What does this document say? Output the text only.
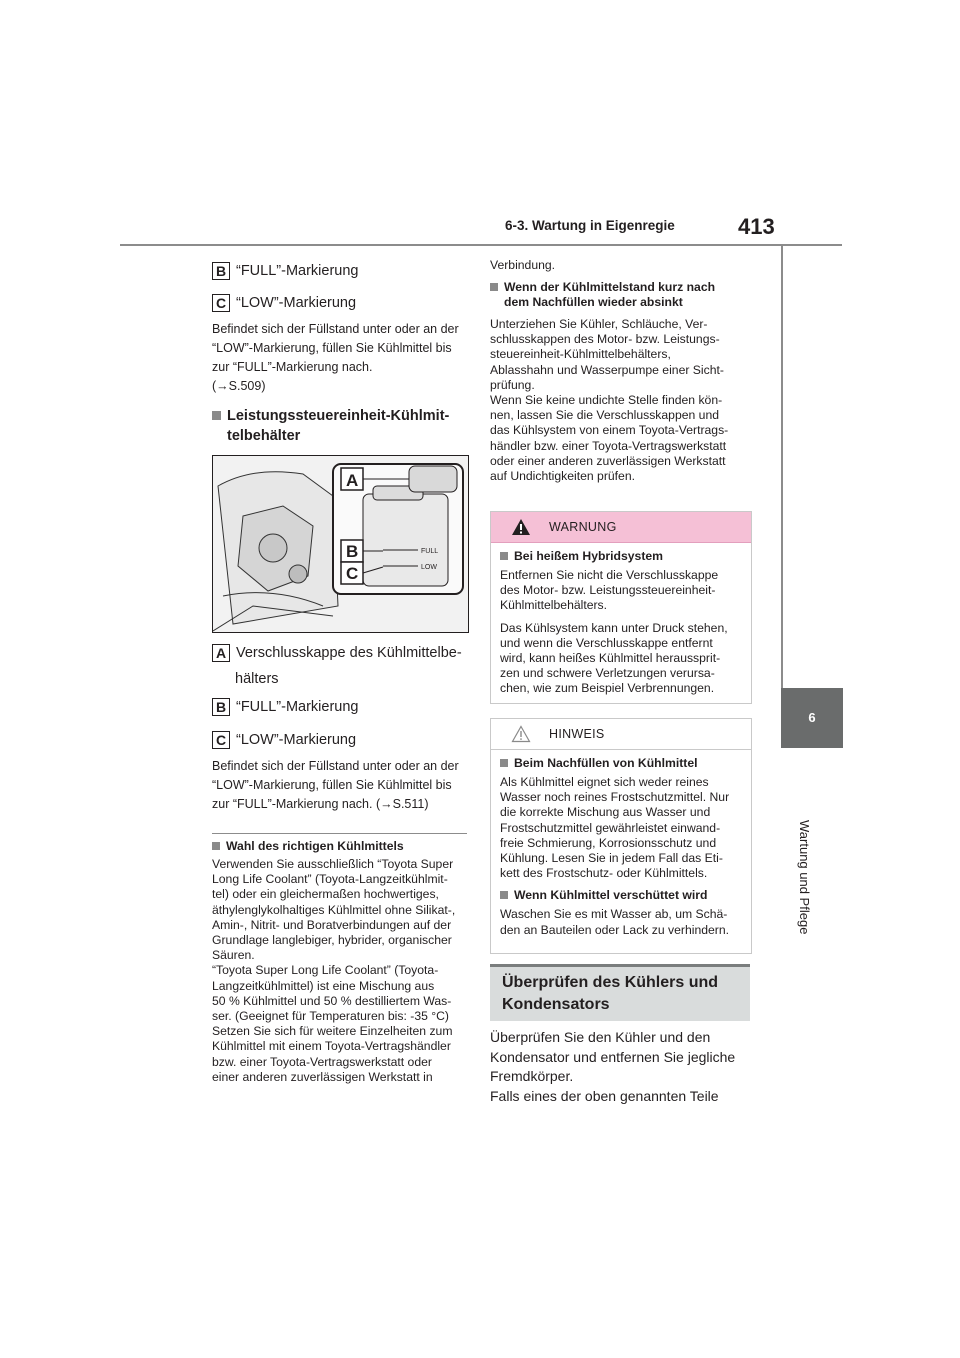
6-3. Wartung in Eigenregie	413
6
Wartung und Pflege
B “FULL”-Markierung
C “LOW”-Markierung
Befindet sich der Füllstand unter oder an der
“LOW”-Markierung, füllen Sie Kühlmittel bis
zur “FULL”-Markierung nach.
(→S.509)
Leistungssteuereinheit-Kühlmit-
telbehälter
FULL
LOW
A
B
C
A Verschlusskappe des Kühlmittelbe-
hälters
B “FULL”-Markierung
C “LOW”-Markierung
Befindet sich der Füllstand unter oder an der
“LOW”-Markierung, füllen Sie Kühlmittel bis
zur “FULL”-Markierung nach. (→S.511)
Wahl des richtigen Kühlmittels
Verwenden Sie ausschließlich “Toyota Super
Long Life Coolant” (Toyota-Langzeitkühlmit-
tel) oder ein gleichermaßen hochwertiges,
äthylenglykolhaltiges Kühlmittel ohne Silikat-,
Amin-, Nitrit- und Boratverbindungen auf der
Grundlage langlebiger, hybrider, organischer
Säuren.
“Toyota Super Long Life Coolant” (Toyota-
Langzeitkühlmittel) ist eine Mischung aus
50 % Kühlmittel und 50 % destilliertem Was-
ser. (Geeignet für Temperaturen bis: -35 °C)
Setzen Sie sich für weitere Einzelheiten zum
Kühlmittel mit einem Toyota-Vertragshändler
bzw. einer Toyota-Vertragswerkstatt oder
einer anderen zuverlässigen Werkstatt in
Verbindung.
Wenn der Kühlmittelstand kurz nach
dem Nachfüllen wieder absinkt
Unterziehen Sie Kühler, Schläuche, Ver-
schlusskappen des Motor- bzw. Leistungs-
steuereinheit-Kühlmittelbehälters,
Ablasshahn und Wasserpumpe einer Sicht-
prüfung.
Wenn Sie keine undichte Stelle finden kön-
nen, lassen Sie die Verschlusskappen und
das Kühlsystem von einem Toyota-Vertrags-
händler bzw. einer Toyota-Vertragswerkstatt
oder einer anderen zuverlässigen Werkstatt
auf Undichtigkeiten prüfen.
WARNUNG
Bei heißem Hybridsystem

Entfernen Sie nicht die Verschlusskappe
des Motor- bzw. Leistungssteuereinheit-
Kühlmittelbehälters.

Das Kühlsystem kann unter Druck stehen,
und wenn die Verschlusskappe entfernt
wird, kann heißes Kühlmittel heraussprit-
zen und schwere Verletzungen verursa-
chen, wie zum Beispiel Verbrennungen.

HINWEIS
Beim Nachfüllen von Kühlmittel

Als Kühlmittel eignet sich weder reines
Wasser noch reines Frostschutzmittel. Nur
die korrekte Mischung aus Wasser und
Frostschutzmittel gewährleistet einwand-
freie Schmierung, Korrosionsschutz und
Kühlung. Lesen Sie in jedem Fall das Eti-
kett des Frostschutz- oder Kühlmittels.

Wenn Kühlmittel verschüttet wird

Waschen Sie es mit Wasser ab, um Schä-
den an Bauteilen oder Lack zu verhindern.

Überprüfen des Kühlers und
Kondensators
Überprüfen Sie den Kühler und den
Kondensator und entfernen Sie jegliche
Fremdkörper.
Falls eines der oben genannten Teile
